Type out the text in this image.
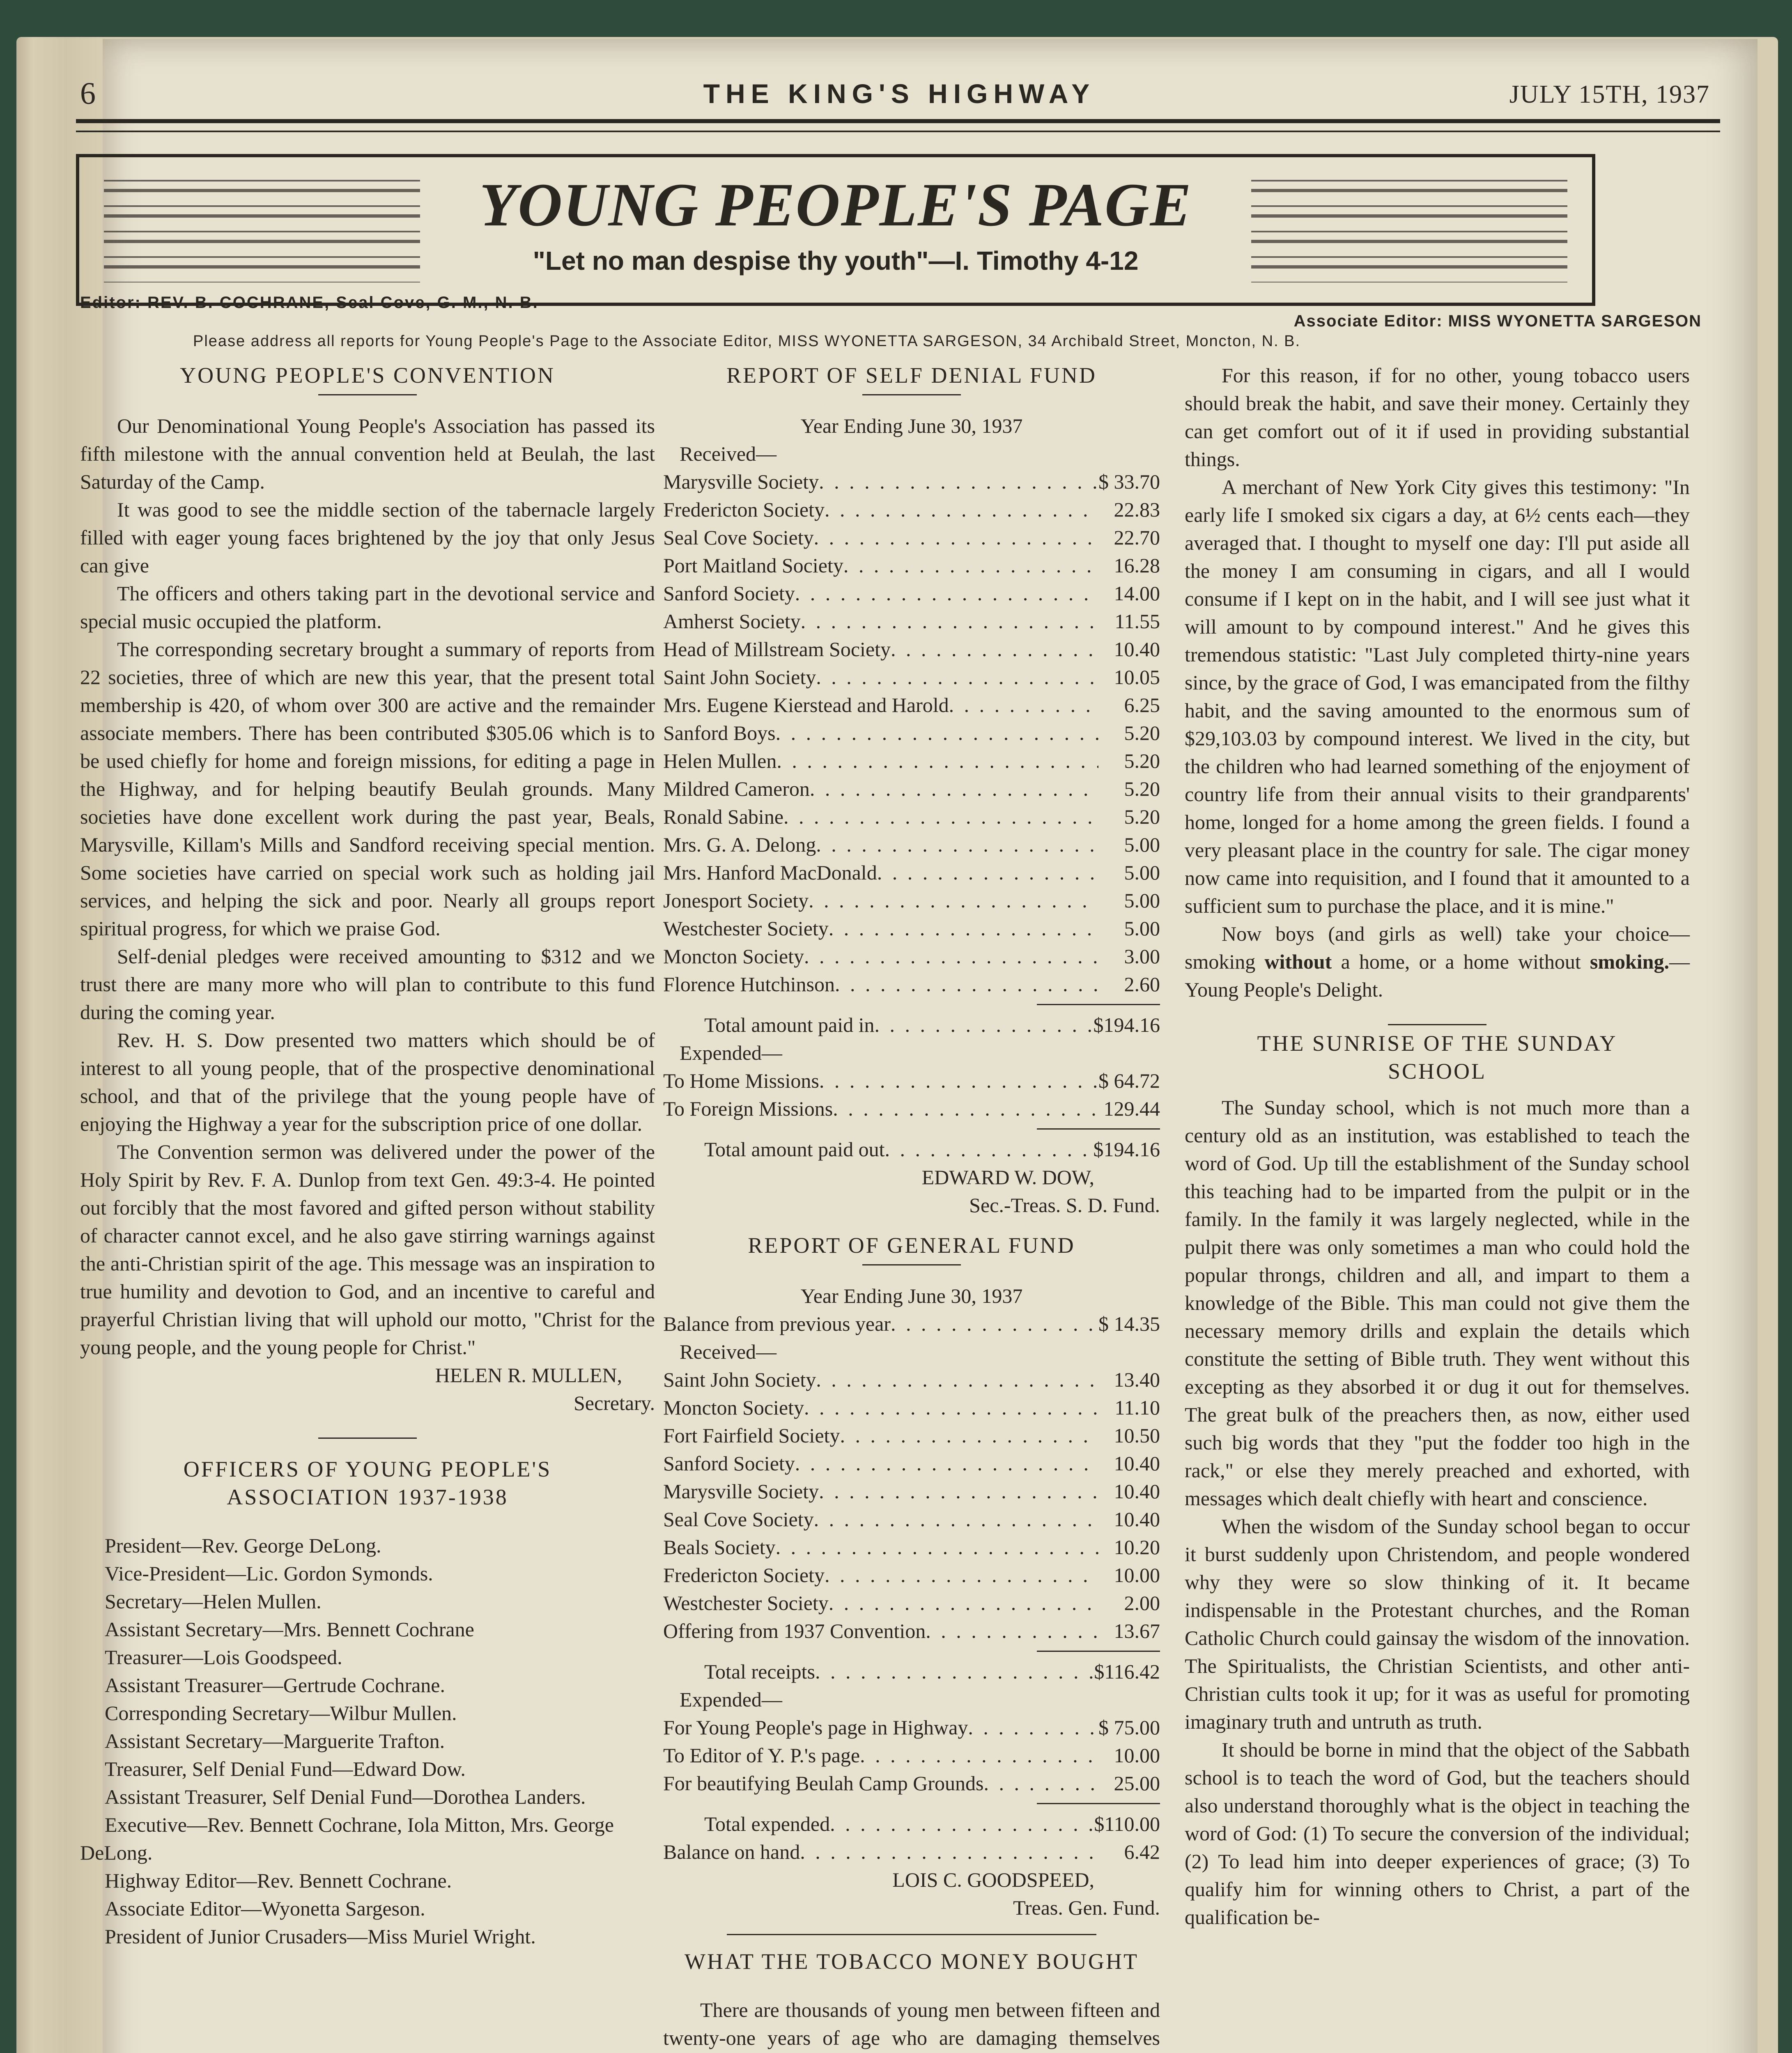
6	THE KING'S HIGHWAY	JULY 15TH, 1937
YOUNG PEOPLE'S PAGE
"Let no man despise thy youth"—I. Timothy 4-12
Editor: REV. B. COCHRANE, Seal Cove, G. M., N. B.
Associate Editor: MISS WYONETTA SARGESON
Please address all reports for Young People's Page to the Associate Editor, MISS WYONETTA SARGESON, 34 Archibald Street, Moncton, N. B.
YOUNG PEOPLE'S CONVENTION

Our Denominational Young People's Association has passed its fifth milestone with the annual convention held at Beulah, the last Saturday of the Camp.

It was good to see the middle section of the tabernacle largely filled with eager young faces brightened by the joy that only Jesus can give

The officers and others taking part in the devotional service and special music occupied the platform.

The corresponding secretary brought a summary of reports from 22 societies, three of which are new this year, that the present total membership is 420, of whom over 300 are active and the remainder associate members. There has been contributed $305.06 which is to be used chiefly for home and foreign missions, for editing a page in the Highway, and for helping beautify Beulah grounds. Many societies have done excellent work during the past year, Beals, Marysville, Killam's Mills and Sandford receiving special mention. Some societies have carried on special work such as holding jail services, and helping the sick and poor. Nearly all groups report spiritual progress, for which we praise God.

Self-denial pledges were received amounting to $312 and we trust there are many more who will plan to contribute to this fund during the coming year.

Rev. H. S. Dow presented two matters which should be of interest to all young people, that of the prospective denominational school, and that of the privilege that the young people have of enjoying the Highway a year for the subscription price of one dollar.

The Convention sermon was delivered under the power of the Holy Spirit by Rev. F. A. Dunlop from text Gen. 49:3-4. He pointed out forcibly that the most favored and gifted person without stability of character cannot excel, and he also gave stirring warnings against the anti-Christian spirit of the age. This message was an inspiration to true humility and devotion to God, and an incentive to careful and prayerful Christian living that will uphold our motto, "Christ for the young people, and the young people for Christ."

HELEN R. MULLEN,

Secretary.

OFFICERS OF YOUNG PEOPLE'S ASSOCIATION 1937-1938

President—Rev. George DeLong.

Vice-President—Lic. Gordon Symonds.

Secretary—Helen Mullen.

Assistant Secretary—Mrs. Bennett Cochrane

Treasurer—Lois Goodspeed.

Assistant Treasurer—Gertrude Cochrane.

Corresponding Secretary—Wilbur Mullen.

Assistant Secretary—Marguerite Trafton.

Treasurer, Self Denial Fund—Edward Dow.

Assistant Treasurer, Self Denial Fund—Dorothea Landers.

Executive—Rev. Bennett Cochrane, Iola Mitton, Mrs. George DeLong.

Highway Editor—Rev. Bennett Cochrane.

Associate Editor—Wyonetta Sargeson.

President of Junior Crusaders—Miss Muriel Wright.

REPORT OF SELF DENIAL FUND
Year Ending June 30, 1937

Received—

Marysville Society . . .	$ 33.70
Fredericton Society . . .	22.83
Seal Cove Society . . .	22.70
Port Maitland Society . . .	16.28
Sanford Society . . .	14.00
Amherst Society . . .	11.55
Head of Millstream Society . . .	10.40
Saint John Society . . .	10.05
Mrs. Eugene Kierstead and Harold . . .	6.25
Sanford Boys . . .	5.20
Helen Mullen . . .	5.20
Mildred Cameron . . .	5.20
Ronald Sabine . . .	5.20
Mrs. G. A. Delong . . .	5.00
Mrs. Hanford MacDonald . . .	5.00
Jonesport Society . . .	5.00
Westchester Society . . .	5.00
Moncton Society . . .	3.00
Florence Hutchinson . . .	2.60
Total amount paid in . . .	$194.16

Expended—

To Home Missions . . .	$ 64.72
To Foreign Missions . . .	129.44
Total amount paid out . . .	$194.16

EDWARD W. DOW,

Sec.-Treas. S. D. Fund.

REPORT OF GENERAL FUND
Year Ending June 30, 1937
Balance from previous year . . .	$ 14.35

Received—

Saint John Society . . .	13.40
Moncton Society . . .	11.10
Fort Fairfield Society . . .	10.50
Sanford Society . . .	10.40
Marysville Society . . .	10.40
Seal Cove Society . . .	10.40
Beals Society . . .	10.20
Fredericton Society . . .	10.00
Westchester Society . . .	2.00
Offering from 1937 Convention . . .	13.67
Total receipts . . .	$116.42

Expended—

For Young People's page in Highway . . .	$ 75.00
To Editor of Y. P.'s page . . .	10.00
For beautifying Beulah Camp Grounds . . .	25.00
Total expended . . .	$110.00
Balance on hand . . .	6.42

LOIS C. GOODSPEED,

Treas. Gen. Fund.

WHAT THE TOBACCO MONEY BOUGHT

There are thousands of young men between fifteen and twenty-one years of age who are damaging themselves

For this reason, if for no other, young tobacco users should break the habit, and save their money. Certainly they can get comfort out of it if used in providing substantial things.

A merchant of New York City gives this testimony: "In early life I smoked six cigars a day, at 6½ cents each—they averaged that. I thought to myself one day: I'll put aside all the money I am consuming in cigars, and all I would consume if I kept on in the habit, and I will see just what it will amount to by compound interest." And he gives this tremendous statistic: "Last July completed thirty-nine years since, by the grace of God, I was emancipated from the filthy habit, and the saving amounted to the enormous sum of $29,103.03 by compound interest. We lived in the city, but the children who had learned something of the enjoyment of country life from their annual visits to their grandparents' home, longed for a home among the green fields. I found a very pleasant place in the country for sale. The cigar money now came into requisition, and I found that it amounted to a sufficient sum to purchase the place, and it is mine."

Now boys (and girls as well) take your choice—smoking without a home, or a home without smoking.—Young People's Delight.

THE SUNRISE OF THE SUNDAY SCHOOL

The Sunday school, which is not much more than a century old as an institution, was established to teach the word of God. Up till the establishment of the Sunday school this teaching had to be imparted from the pulpit or in the family. In the family it was largely neglected, while in the pulpit there was only sometimes a man who could hold the popular throngs, children and all, and impart to them a knowledge of the Bible. This man could not give them the necessary memory drills and explain the details which constitute the setting of Bible truth. They went without this excepting as they absorbed it or dug it out for themselves. The great bulk of the preachers then, as now, either used such big words that they "put the fodder too high in the rack," or else they merely preached and exhorted, with messages which dealt chiefly with heart and conscience.

When the wisdom of the Sunday school began to occur it burst suddenly upon Christendom, and people wondered why they were so slow thinking of it. It became indispensable in the Protestant churches, and the Roman Catholic Church could gainsay the wisdom of the innovation. The Spiritualists, the Christian Scientists, and other anti-Christian cults took it up; for it was as useful for promoting imaginary truth and untruth as truth.

It should be borne in mind that the object of the Sabbath school is to teach the word of God, but the teachers should also understand thoroughly what is the object in teaching the word of God: (1) To secure the conversion of the individual; (2) To lead him into deeper experiences of grace; (3) To qualify him for winning others to Christ, a part of the qualification be-
